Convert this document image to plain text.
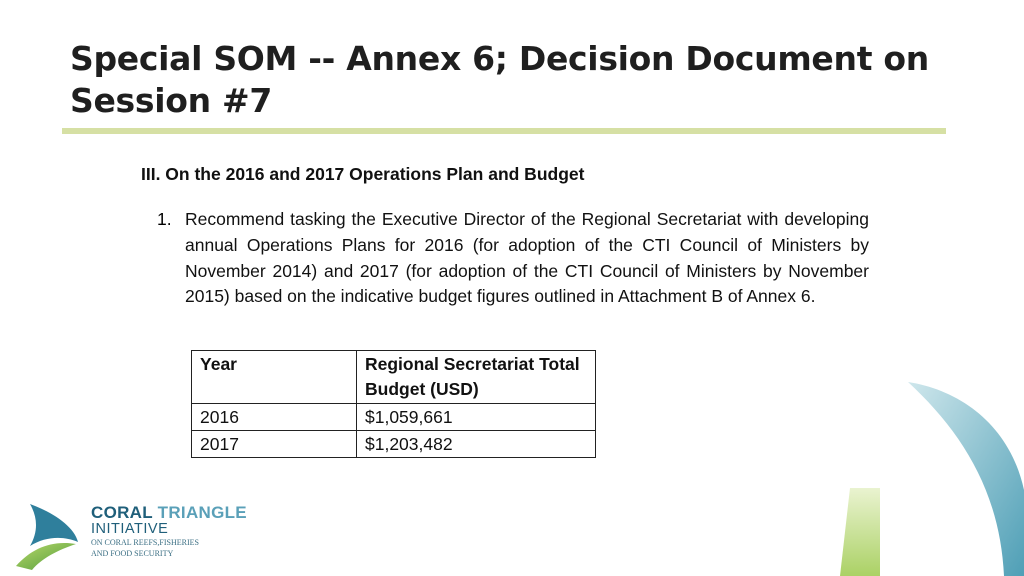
Special SOM -- Annex 6; Decision Document on
Session #7
III. On the 2016 and 2017 Operations Plan and Budget
1. Recommend tasking the Executive Director of the Regional Secretariat with developing annual Operations Plans for 2016 (for adoption of the CTI Council of Ministers by November 2014) and 2017 (for adoption of the CTI Council of Ministers by November 2015) based on the indicative budget figures outlined in Attachment B of Annex 6.
Year	Regional Secretariat Total Budget (USD)
2016	$1,059,661
2017	$1,203,482
CORAL TRIANGLE
INITIATIVE
ON CORAL REEFS,FISHERIES
AND FOOD SECURITY
